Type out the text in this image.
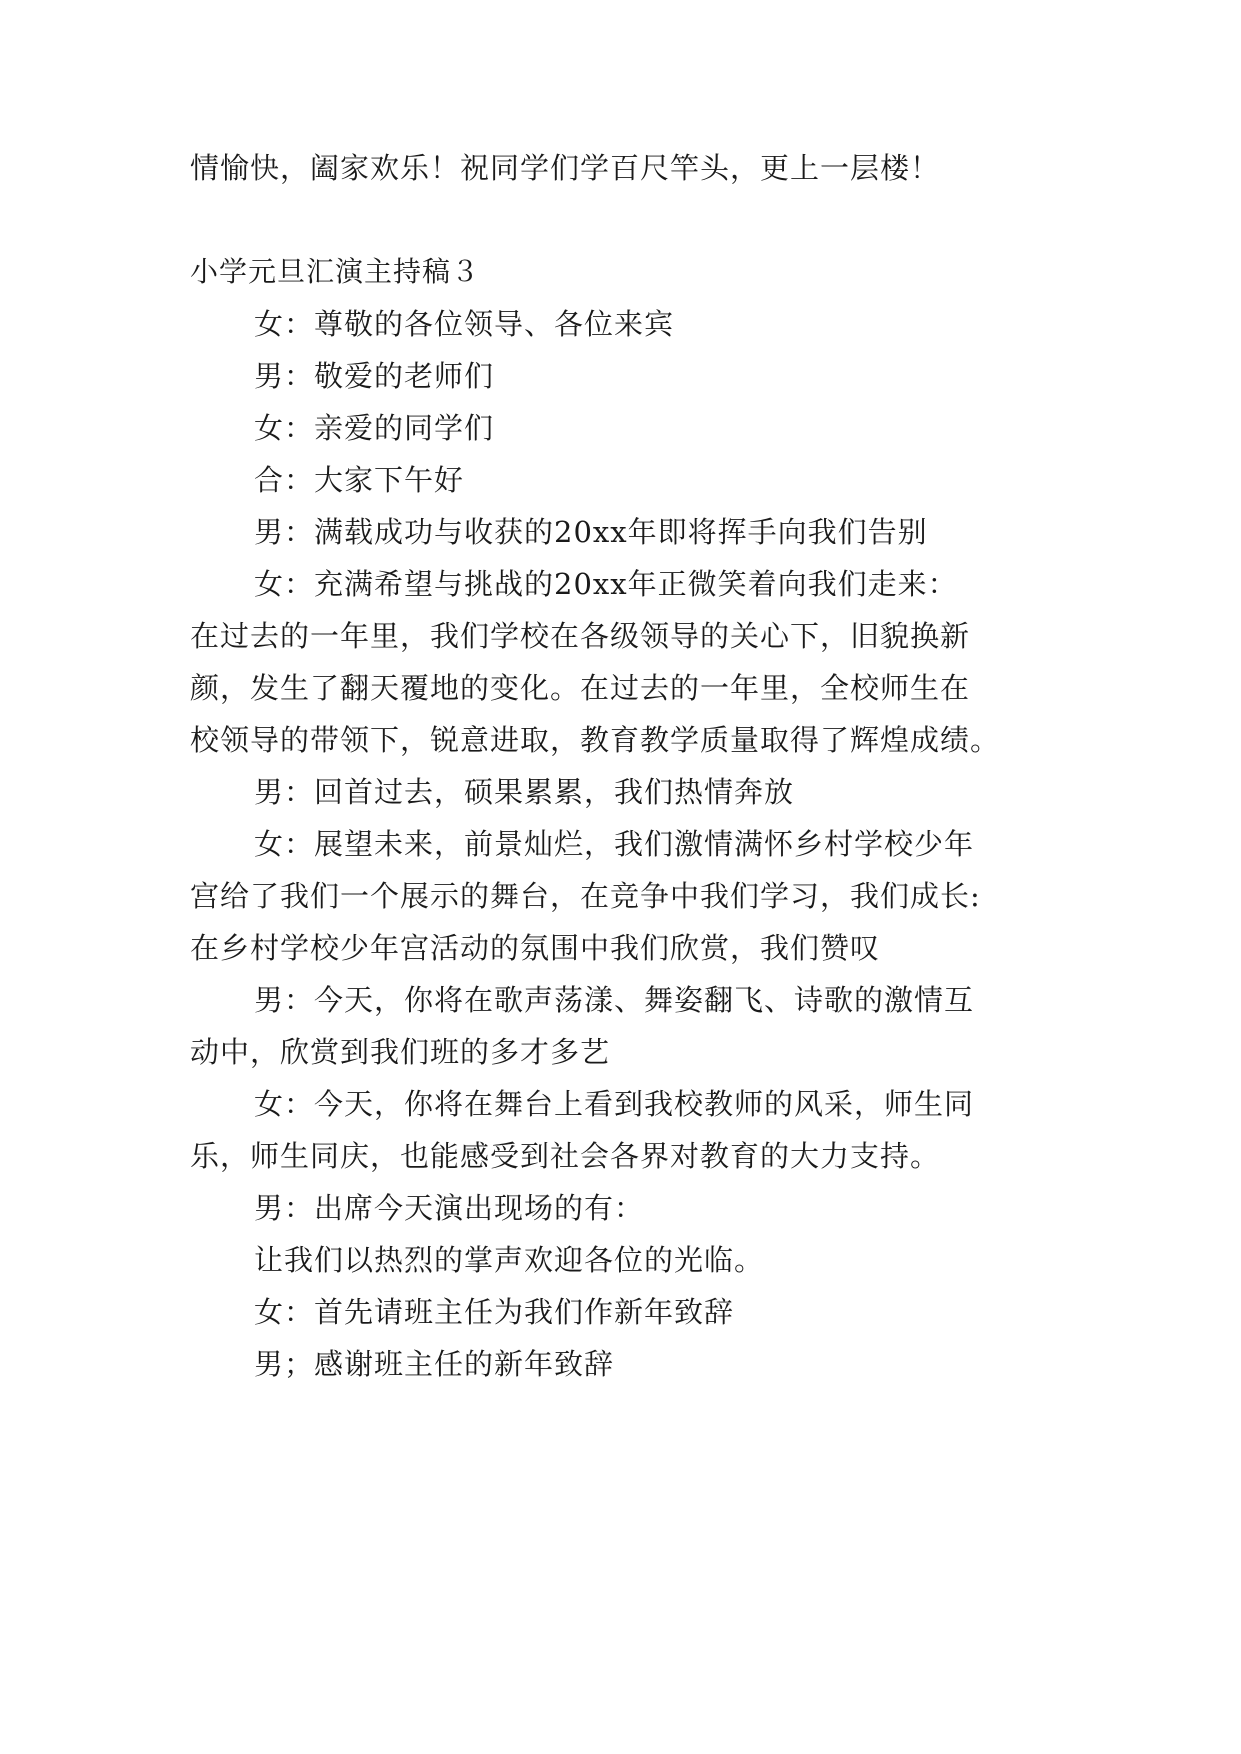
情愉快，阖家欢乐！祝同学们学百尺竿头，更上一层楼！
小学元旦汇演主持稿３
女：尊敬的各位领导、各位来宾
男：敬爱的老师们
女：亲爱的同学们
合：大家下午好
男：满载成功与收获的20xx年即将挥手向我们告别
女：充满希望与挑战的20xx年正微笑着向我们走来：
在过去的一年里，我们学校在各级领导的关心下，旧貌换新
颜，发生了翻天覆地的变化。在过去的一年里，全校师生在
校领导的带领下，锐意进取，教育教学质量取得了辉煌成绩。
男：回首过去，硕果累累，我们热情奔放
女：展望未来，前景灿烂，我们激情满怀乡村学校少年
宫给了我们一个展示的舞台，在竞争中我们学习，我们成长:
在乡村学校少年宫活动的氛围中我们欣赏，我们赞叹
男：今天，你将在歌声荡漾、舞姿翻飞、诗歌的激情互
动中，欣赏到我们班的多才多艺
女：今天，你将在舞台上看到我校教师的风采，师生同
乐，师生同庆，也能感受到社会各界对教育的大力支持。
男：出席今天演出现场的有：
让我们以热烈的掌声欢迎各位的光临。
女：首先请班主任为我们作新年致辞
男；感谢班主任的新年致辞
